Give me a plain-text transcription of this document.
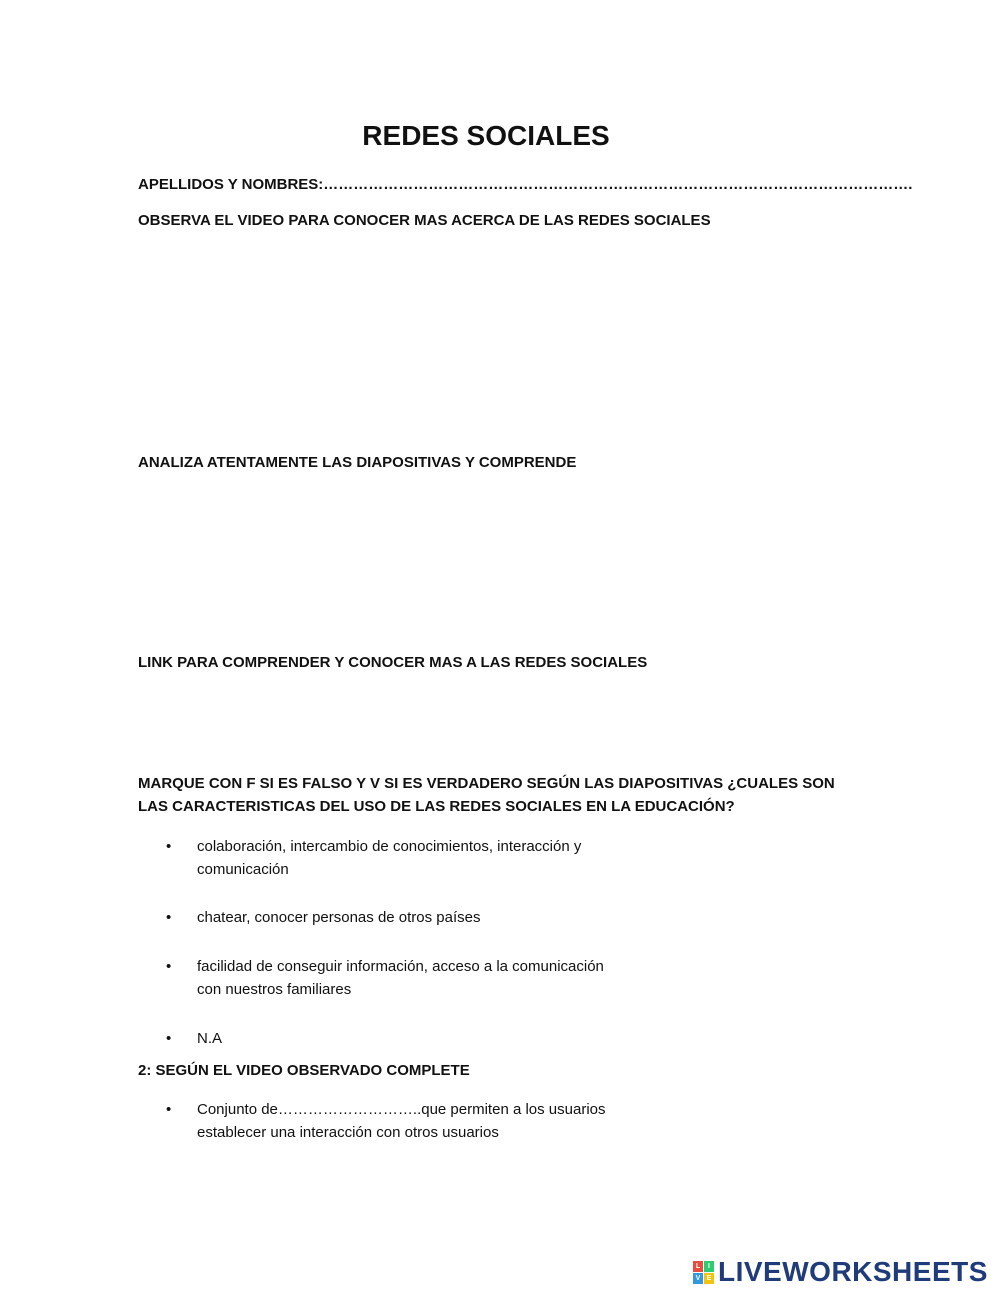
REDES SOCIALES

APELLIDOS Y NOMBRES:……………………………………………………………………………………………………….

OBSERVA EL VIDEO PARA CONOCER MAS ACERCA DE LAS REDES SOCIALES

ANALIZA ATENTAMENTE LAS DIAPOSITIVAS Y COMPRENDE

LINK PARA COMPRENDER Y CONOCER MAS A LAS REDES SOCIALES

MARQUE CON F SI ES FALSO Y V SI ES VERDADERO SEGÚN LAS DIAPOSITIVAS ¿CUALES SON LAS CARACTERISTICAS DEL USO DE LAS REDES SOCIALES EN LA EDUCACIÓN?

•	colaboración, intercambio de conocimientos, interacción y comunicación
•	chatear, conocer personas de otros países
•	facilidad de conseguir información, acceso a la comunicación con nuestros familiares
•	N.A

2: SEGÚN EL VIDEO OBSERVADO COMPLETE

•	Conjunto de………………………..que permiten a los usuarios establecer una interacción con otros usuarios
L	I
V E LIVEWORKSHEETS
